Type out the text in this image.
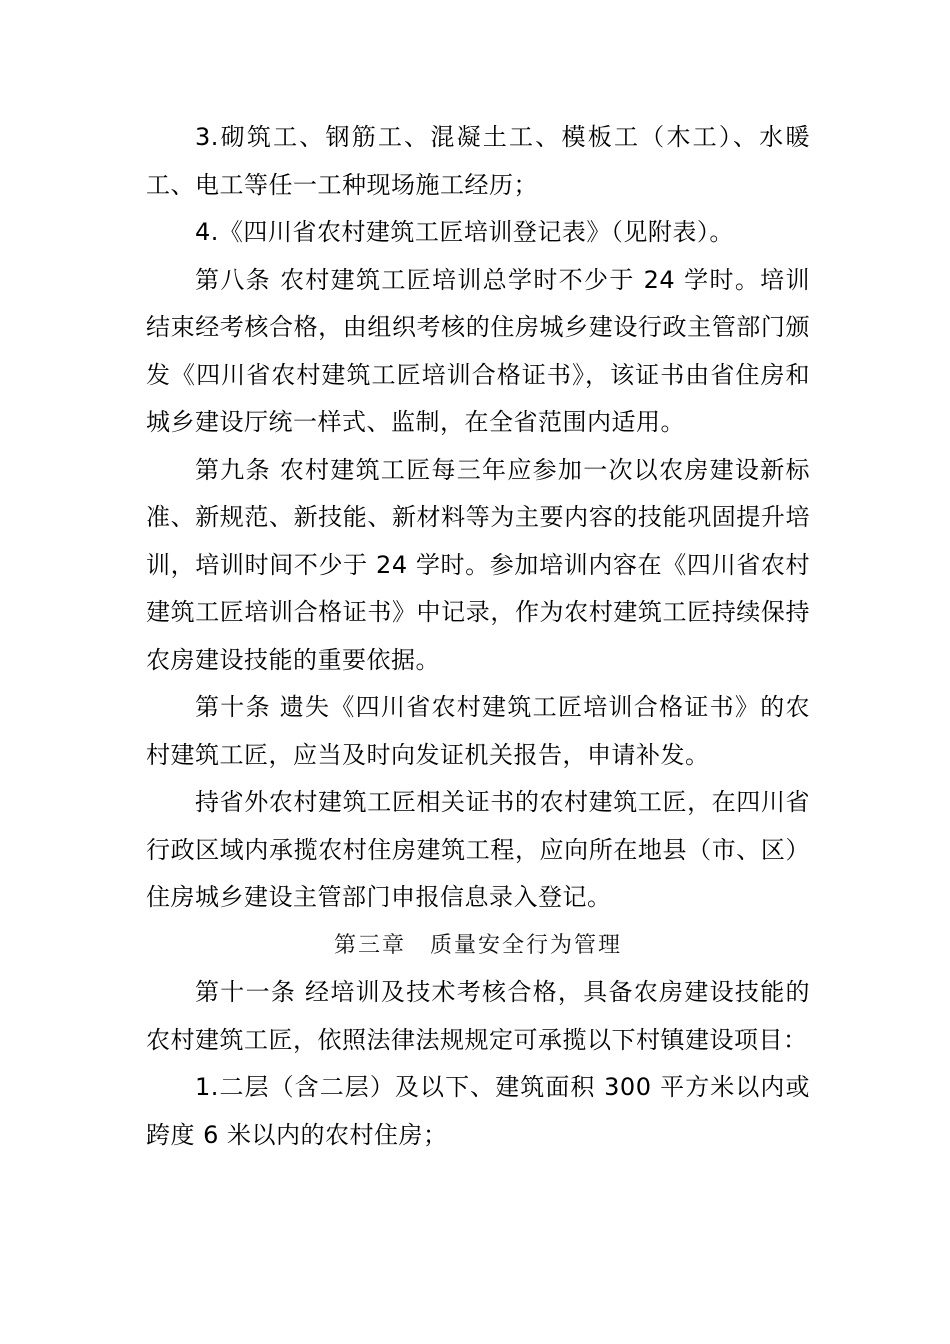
3.砌筑工、钢筋工、混凝土工、模板工（木工）、水暖工、电工等任一工种现场施工经历；

4.《四川省农村建筑工匠培训登记表》（见附表）。

第八条 农村建筑工匠培训总学时不少于 24 学时。培训结束经考核合格，由组织考核的住房城乡建设行政主管部门颁发《四川省农村建筑工匠培训合格证书》，该证书由省住房和城乡建设厅统一样式、监制，在全省范围内适用。

第九条 农村建筑工匠每三年应参加一次以农房建设新标准、新规范、新技能、新材料等为主要内容的技能巩固提升培训，培训时间不少于 24 学时。参加培训内容在《四川省农村建筑工匠培训合格证书》中记录，作为农村建筑工匠持续保持农房建设技能的重要依据。

第十条 遗失《四川省农村建筑工匠培训合格证书》的农村建筑工匠，应当及时向发证机关报告，申请补发。

持省外农村建筑工匠相关证书的农村建筑工匠，在四川省行政区域内承揽农村住房建筑工程，应向所在地县（市、区）住房城乡建设主管部门申报信息录入登记。

第三章　质量安全行为管理

第十一条 经培训及技术考核合格，具备农房建设技能的农村建筑工匠，依照法律法规规定可承揽以下村镇建设项目：

1.二层（含二层）及以下、建筑面积 300 平方米以内或跨度 6 米以内的农村住房；
